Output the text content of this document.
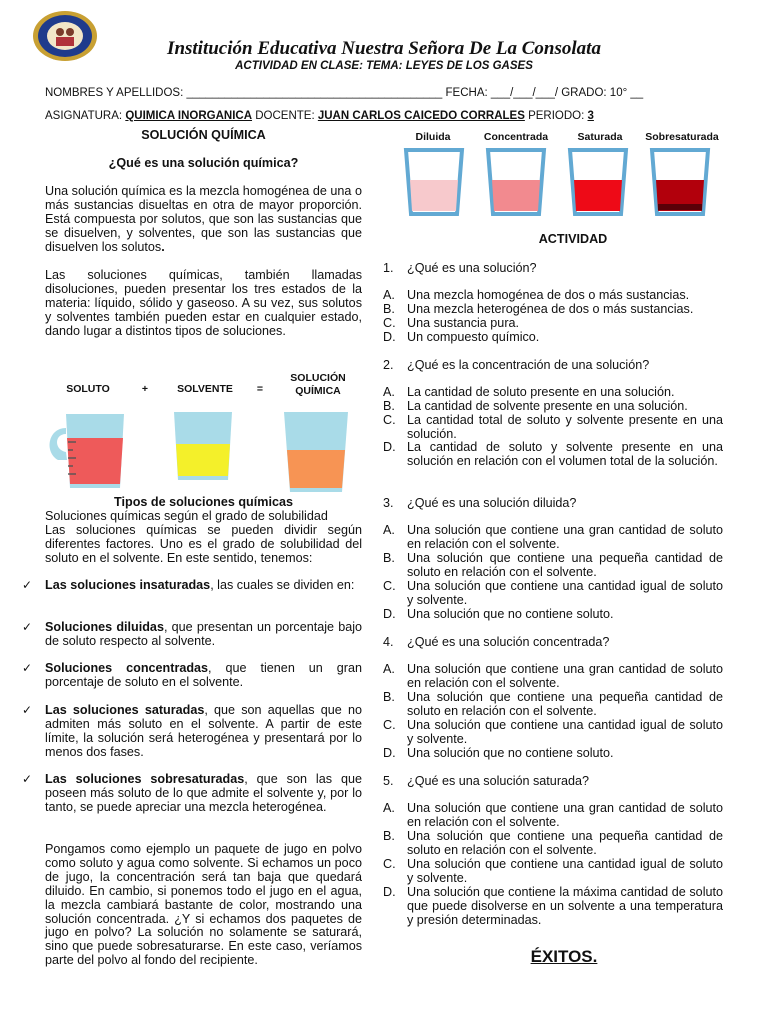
Institución Educativa Nuestra Señora De La Consolata
ACTIVIDAD EN CLASE: TEMA: LEYES DE LOS GASES
NOMBRES Y APELLIDOS: ________________________________________ FECHA: ___/___/___/ GRADO: 10° __
ASIGNATURA: QUIMICA INORGANICA DOCENTE: JUAN CARLOS CAICEDO CORRALES PERIODO: 3
SOLUCIÓN QUÍMICA
¿Qué es una solución química?
Una solución química es la mezcla homogénea de una o más sustancias disueltas en otra de mayor proporción. Está compuesta por solutos, que son las sustancias que se disuelven, y solventes, que son las sustancias que disuelven los solutos.
Las soluciones químicas, también llamadas disoluciones, pueden presentar los tres estados de la materia: líquido, sólido y gaseoso. A su vez, sus solutos y solventes también pueden estar en cualquier estado, dando lugar a distintos tipos de soluciones.
SOLUTO	+	SOLVENTE	=
SOLUCIÓN QUÍMICA
Tipos de soluciones químicas
Soluciones químicas según el grado de solubilidad
Las soluciones químicas se pueden dividir según diferentes factores. Uno es el grado de solubilidad del soluto en el solvente. En este sentido, tenemos:
✓ Las soluciones insaturadas, las cuales se dividen en:

✓ Soluciones diluidas, que presentan un porcentaje bajo de soluto respecto al solvente.

✓ Soluciones concentradas, que tienen un gran porcentaje de soluto en el solvente.

✓ Las soluciones saturadas, que son aquellas que no admiten más soluto en el solvente. A partir de este límite, la solución será heterogénea y presentará por lo menos dos fases.

✓ Las soluciones sobresaturadas, que son las que poseen más soluto de lo que admite el solvente y, por lo tanto, se puede apreciar una mezcla heterogénea.

Pongamos como ejemplo un paquete de jugo en polvo como soluto y agua como solvente. Si echamos un poco de jugo, la concentración será tan baja que quedará diluido. En cambio, si ponemos todo el jugo en el agua, la mezcla cambiará bastante de color, mostrando una solución concentrada. ¿Y si echamos dos paquetes de jugo en polvo? La solución no solamente se saturará, sino que puede sobresaturarse. En este caso, veríamos parte del polvo al fondo del recipiente.
Diluida	Concentrada	Saturada	Sobresaturada
ACTIVIDAD
1. ¿Qué es una solución?
A. Una mezcla homogénea de dos o más sustancias.
B. Una mezcla heterogénea de dos o más sustancias.
C. Una sustancia pura.
D. Un compuesto químico.
2. ¿Qué es la concentración de una solución?
A. La cantidad de soluto presente en una solución.
B. La cantidad de solvente presente en una solución.
C. La cantidad total de soluto y solvente presente en una solución.
D. La cantidad de soluto y solvente presente en una solución en relación con el volumen total de la solución.
3. ¿Qué es una solución diluida?
A. Una solución que contiene una gran cantidad de soluto en relación con el solvente.
B. Una solución que contiene una pequeña cantidad de soluto en relación con el solvente.
C. Una solución que contiene una cantidad igual de soluto y solvente.
D. Una solución que no contiene soluto.
4. ¿Qué es una solución concentrada?
A. Una solución que contiene una gran cantidad de soluto en relación con el solvente.
B. Una solución que contiene una pequeña cantidad de soluto en relación con el solvente.
C. Una solución que contiene una cantidad igual de soluto y solvente.
D. Una solución que no contiene soluto.
5. ¿Qué es una solución saturada?
A. Una solución que contiene una gran cantidad de soluto en relación con el solvente.
B. Una solución que contiene una pequeña cantidad de soluto en relación con el solvente.
C. Una solución que contiene una cantidad igual de soluto y solvente.
D. Una solución que contiene la máxima cantidad de soluto que puede disolverse en un solvente a una temperatura y presión determinadas.
ÉXITOS.
